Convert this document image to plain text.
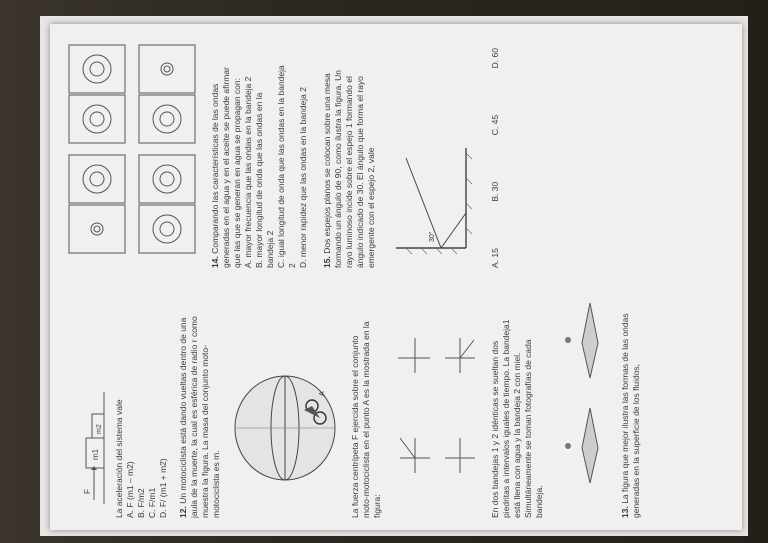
F
m1
m2 La aceleración del sistema vale A. F (m1 – m2) B. F/m2 C. F/m1 D. F/ (m1 + m2) 12. Un motociclista está dando vueltas dentro de una jaula de la muerte, la cual es esférica de radio r como muestra la figura. La masa del conjunto moto- motociclista es m.
A	La fuerza centrípeta F ejercida sobre el conjunto moto-motociclista en el punto A es la mostrada en la figura:	En dos bandejas 1 y 2 idénticas se sueltan dos piedritas a intervalos iguales de tiempo. La bandeja1 está llena con agua y la bandeja 2 con miel. Simultáneamente se toman fotografías de cada bandeja.	13. La figura que mejor ilustra las formas de las ondas generadas en la superficie de los fluidos,
14. Comparando las características de las ondas generadas en el agua y en el aceite se puede afirmar que las que se generan en agua se propagan con: A. mayor frecuencia que las ondas en la bandeja 2 B. mayor longitud de onda que las ondas en la bandeja 2 C. igual longitud de onda que las ondas en la bandeja 2 D. menor rapidez que las ondas en la bandeja 2 15. Dos espejos planos se colocan sobre una mesa formando un ángulo de 90, como ilustra la figura. Un rayo luminoso incide sobre el espejo 1 formando el ángulo indicado de 30. El ángulo que forma el rayo emergente con el espejo 2, vale	30°
A. 15
B. 30
C. 45
D. 60
